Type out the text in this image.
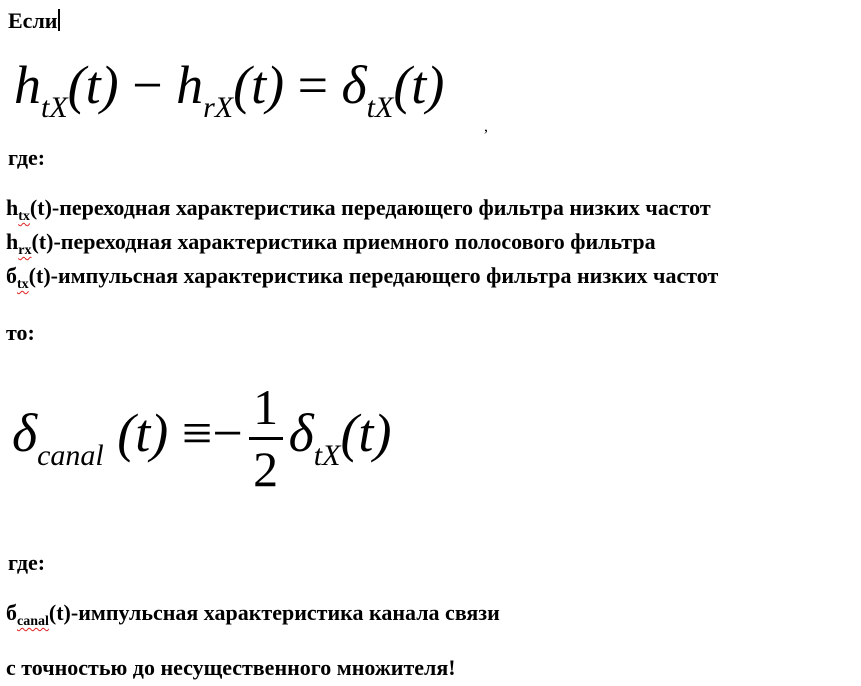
Если
$h_{tX}(t) - h_{rX}(t) = \delta_{tX}(t)$
,
где:
$h_{tx}(t)$-переходная характеристика передающего фильтра низких частот
$h_{rx}(t)$-переходная характеристика приемного полосового фильтра
$б_{tx}(t)$-импульсная характеристика передающего фильтра низких частот
то:
$\delta_{canal}$ $(t) \equiv- \frac{1}{2} \delta_{tX}(t)$
где:
$б_{canal}(t)$-импульсная характеристика канала связи
с точностью до несущественного множителя!
